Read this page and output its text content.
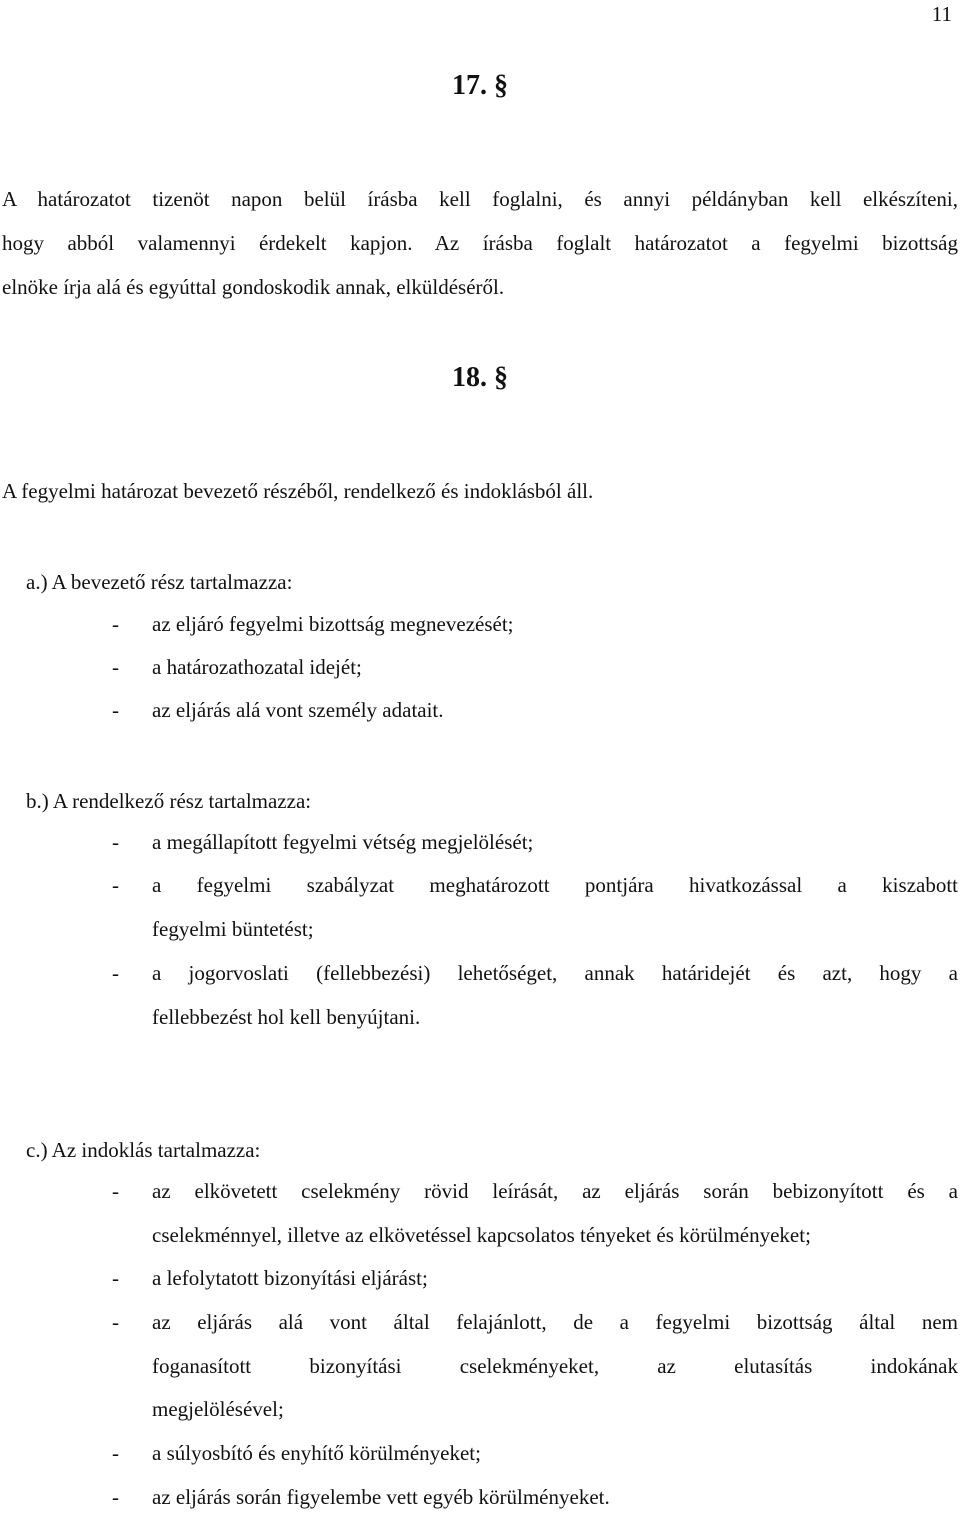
11
17. §
A határozatot tizenöt napon belül írásba kell foglalni, és annyi példányban kell elkészíteni,
hogy abból valamennyi érdekelt kapjon. Az írásba foglalt határozatot a fegyelmi bizottság
elnöke írja alá és egyúttal gondoskodik annak, elküldéséről.
18. §
A fegyelmi határozat bevezető részéből, rendelkező és indoklásból áll.
a.) A bevezető rész tartalmazza:
- az eljáró fegyelmi bizottság megnevezését;
- a határozathozatal idejét;
- az eljárás alá vont személy adatait.
b.) A rendelkező rész tartalmazza:
- a megállapított fegyelmi vétség megjelölését;
- a fegyelmi szabályzat meghatározott pontjára hivatkozással a kiszabott
fegyelmi büntetést;
- a jogorvoslati (fellebbezési) lehetőséget, annak határidejét és azt, hogy a
fellebbezést hol kell benyújtani.
c.) Az indoklás tartalmazza:
- az elkövetett cselekmény rövid leírását, az eljárás során bebizonyított és a
cselekménnyel, illetve az elkövetéssel kapcsolatos tényeket és körülményeket;
- a lefolytatott bizonyítási eljárást;
- az eljárás alá vont által felajánlott, de a fegyelmi bizottság által nem
foganasított bizonyítási cselekményeket, az elutasítás indokának
megjelölésével;
- a súlyosbító és enyhítő körülményeket;
- az eljárás során figyelembe vett egyéb körülményeket.
